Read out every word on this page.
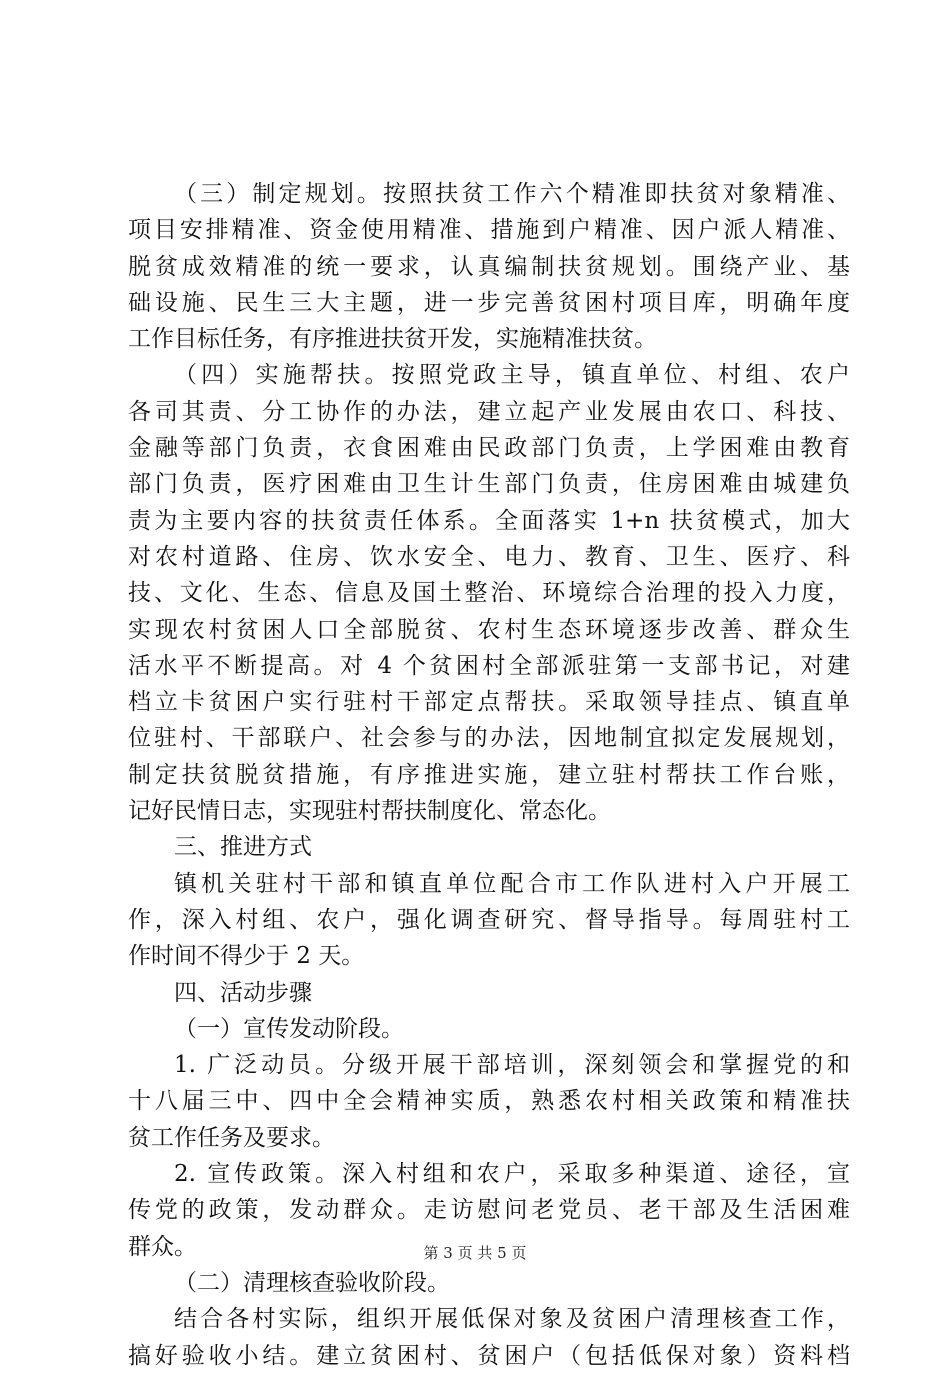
（三）制定规划。按照扶贫工作六个精准即扶贫对象精准、
项目安排精准、资金使用精准、措施到户精准、因户派人精准、
脱贫成效精准的统一要求，认真编制扶贫规划。围绕产业、基
础设施、民生三大主题，进一步完善贫困村项目库，明确年度
工作目标任务，有序推进扶贫开发，实施精准扶贫。
（四）实施帮扶。按照党政主导，镇直单位、村组、农户
各司其责、分工协作的办法，建立起产业发展由农口、科技、
金融等部门负责，衣食困难由民政部门负责，上学困难由教育
部门负责，医疗困难由卫生计生部门负责，住房困难由城建负
责为主要内容的扶贫责任体系。全面落实 1+n 扶贫模式，加大
对农村道路、住房、饮水安全、电力、教育、卫生、医疗、科
技、文化、生态、信息及国土整治、环境综合治理的投入力度，
实现农村贫困人口全部脱贫、农村生态环境逐步改善、群众生
活水平不断提高。对 4 个贫困村全部派驻第一支部书记，对建
档立卡贫困户实行驻村干部定点帮扶。采取领导挂点、镇直单
位驻村、干部联户、社会参与的办法，因地制宜拟定发展规划，
制定扶贫脱贫措施，有序推进实施，建立驻村帮扶工作台账，
记好民情日志，实现驻村帮扶制度化、常态化。
三、推进方式
镇机关驻村干部和镇直单位配合市工作队进村入户开展工
作，深入村组、农户，强化调查研究、督导指导。每周驻村工
作时间不得少于 2 天。
四、活动步骤
（一）宣传发动阶段。
1. 广泛动员。分级开展干部培训，深刻领会和掌握党的和
十八届三中、四中全会精神实质，熟悉农村相关政策和精准扶
贫工作任务及要求。
2. 宣传政策。深入村组和农户，采取多种渠道、途径，宣
传党的政策，发动群众。走访慰问老党员、老干部及生活困难
群众。
（二）清理核查验收阶段。
结合各村实际，组织开展低保对象及贫困户清理核查工作，
搞好验收小结。建立贫困村、贫困户（包括低保对象）资料档
第 3 页 共 5 页
